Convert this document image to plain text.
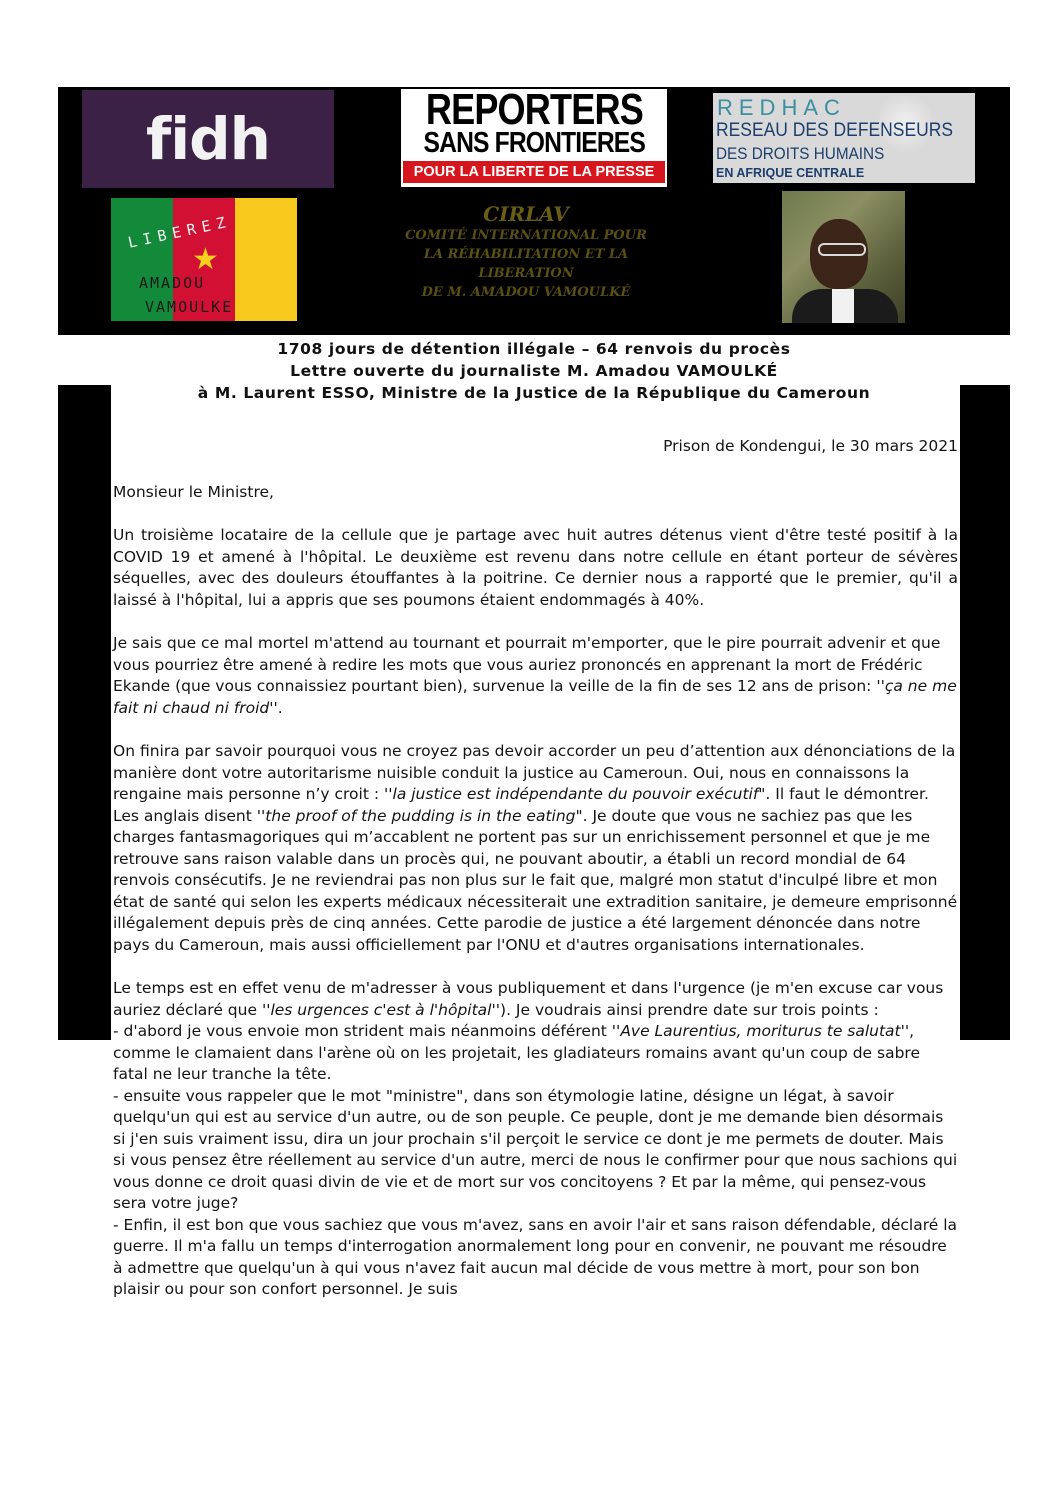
fidh	REPORTERS
SANS FRONTIERES
POUR LA LIBERTE DE LA PRESSE
REDHAC
RESEAU DES DEFENSEURS
DES DROITS HUMAINS
EN AFRIQUE CENTRALE
★
LIBEREZ
AMADOU
VAMOULKE
CIRLAV
COMITÉ INTERNATIONAL POUR
LA RÉHABILITATION ET LA LIBERATION
DE M. AMADOU VAMOULKÉ
1708 jours de détention illégale – 64 renvois du procès
Lettre ouverte du journaliste M. Amadou VAMOULKÉ
à M. Laurent ESSO, Ministre de la Justice de la République du Cameroun

Prison de Kondengui, le 30 mars 2021

Monsieur le Ministre,

Un troisième locataire de la cellule que je partage avec huit autres détenus vient d'être testé positif à la COVID 19 et amené à l'hôpital. Le deuxième est revenu dans notre cellule en étant porteur de sévères séquelles, avec des douleurs étouffantes à la poitrine. Ce dernier nous a rapporté que le premier, qu'il a laissé à l'hôpital, lui a appris que ses poumons étaient endommagés à 40%.

Je sais que ce mal mortel m'attend au tournant et pourrait m'emporter, que le pire pourrait advenir et que vous pourriez être amené à redire les mots que vous auriez prononcés en apprenant la mort de Frédéric Ekande (que vous connaissiez pourtant bien), survenue la veille de la fin de ses 12 ans de prison: ''ça ne me fait ni chaud ni froid''.

On finira par savoir pourquoi vous ne croyez pas devoir accorder un peu d’attention aux dénonciations de la manière dont votre autoritarisme nuisible conduit la justice au Cameroun. Oui, nous en connaissons la rengaine mais personne n’y croit : ''la justice est indépendante du pouvoir exécutif". Il faut le démontrer. Les anglais disent ''the proof of the pudding is in the eating". Je doute que vous ne sachiez pas que les charges fantasmagoriques qui m’accablent ne portent pas sur un enrichissement personnel et que je me retrouve sans raison valable dans un procès qui, ne pouvant aboutir, a établi un record mondial de 64 renvois consécutifs. Je ne reviendrai pas non plus sur le fait que, malgré mon statut d'inculpé libre et mon état de santé qui selon les experts médicaux nécessiterait une extradition sanitaire, je demeure emprisonné illégalement depuis près de cinq années. Cette parodie de justice a été largement dénoncée dans notre pays du Cameroun, mais aussi officiellement par l'ONU et d'autres organisations internationales.

Le temps est en effet venu de m'adresser à vous publiquement et dans l'urgence (je m'en excuse car vous auriez déclaré que ''les urgences c'est à l'hôpital''). Je voudrais ainsi prendre date sur trois points :

- d'abord je vous envoie mon strident mais néanmoins déférent ''Ave Laurentius, moriturus te salutat'', comme le clamaient dans l'arène où on les projetait, les gladiateurs romains avant qu'un coup de sabre fatal ne leur tranche la tête.

- ensuite vous rappeler que le mot "ministre", dans son étymologie latine, désigne un légat, à savoir quelqu'un qui est au service d'un autre, ou de son peuple. Ce peuple, dont je me demande bien désormais si j'en suis vraiment issu, dira un jour prochain s'il perçoit le service ce dont je me permets de douter. Mais si vous pensez être réellement au service d'un autre, merci de nous le confirmer pour que nous sachions qui vous donne ce droit quasi divin de vie et de mort sur vos concitoyens ? Et par la même, qui pensez-vous sera votre juge?

- Enfin, il est bon que vous sachiez que vous m'avez, sans en avoir l'air et sans raison défendable, déclaré la guerre. Il m'a fallu un temps d'interrogation anormalement long pour en convenir, ne pouvant me résoudre à admettre que quelqu'un à qui vous n'avez fait aucun mal décide de vous mettre à mort, pour son bon plaisir ou pour son confort personnel. Je suis
